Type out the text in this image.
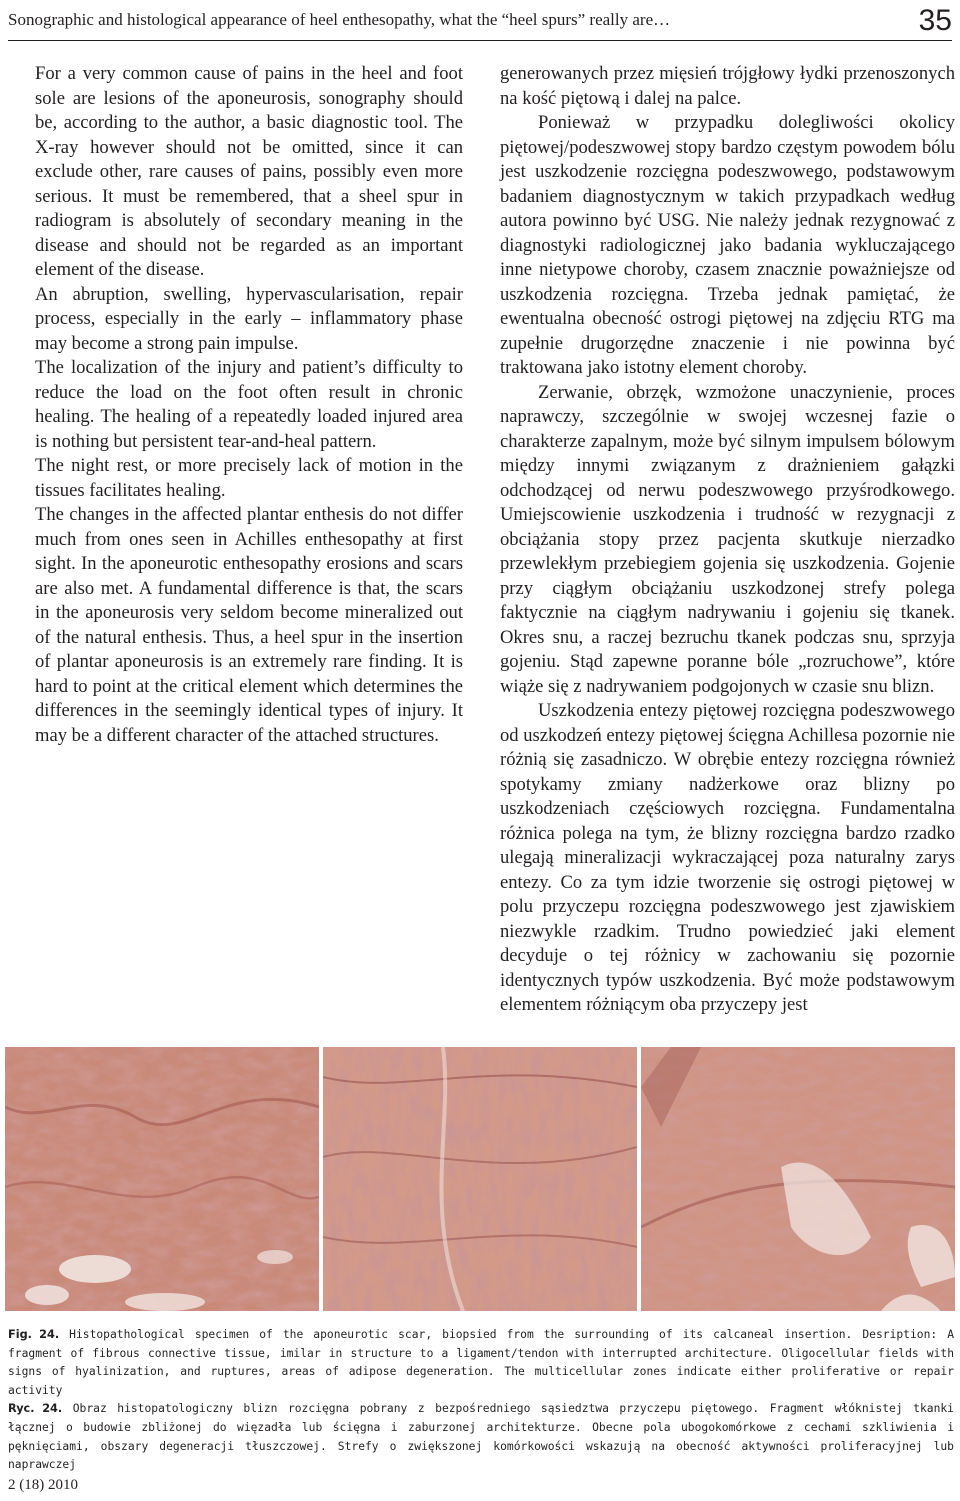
Sonographic and histological appearance of heel enthesopathy, what the “heel spurs” really are…	35

For a very common cause of pains in the heel and foot sole are lesions of the aponeurosis, sonography should be, according to the author, a basic diagnostic tool. The X-ray however should not be omitted, since it can exclude other, rare causes of pains, possibly even more serious. It must be remembered, that a sheel spur in radiogram is absolutely of secondary meaning in the disease and should not be regarded as an important element of the disease.

An abruption, swelling, hypervascularisation, repair process, especially in the early – inflammatory phase may become a strong pain impulse.

The localization of the injury and patient’s difficulty to reduce the load on the foot often result in chronic healing. The healing of a repeatedly loaded injured area is nothing but persistent tear-and-heal pattern.

The night rest, or more precisely lack of motion in the tissues facilitates healing.

The changes in the affected plantar enthesis do not differ much from ones seen in Achilles enthesopathy at first sight. In the aponeurotic enthesopathy erosions and scars are also met. A fundamental difference is that, the scars in the aponeurosis very seldom become mineralized out of the natural enthesis. Thus, a heel spur in the insertion of plantar aponeurosis is an extremely rare finding. It is hard to point at the critical element which determines the differences in the seemingly identical types of injury. It may be a different character of the attached structures.

generowanych przez mięsień trójgłowy łydki przenoszonych na kość piętową i dalej na palce.

Ponieważ w przypadku dolegliwości okolicy piętowej/podeszwowej stopy bardzo częstym powodem bólu jest uszkodzenie rozcięgna podeszwowego, podstawowym badaniem diagnostycznym w takich przypadkach według autora powinno być USG. Nie należy jednak rezygnować z diagnostyki radiologicznej jako badania wykluczającego inne nietypowe choroby, czasem znacznie poważniejsze od uszkodzenia rozcięgna. Trzeba jednak pamiętać, że ewentualna obecność ostrogi piętowej na zdjęciu RTG ma zupełnie drugorzędne znaczenie i nie powinna być traktowana jako istotny element choroby.

Zerwanie, obrzęk, wzmożone unaczynienie, proces naprawczy, szczególnie w swojej wczesnej fazie o charakterze zapalnym, może być silnym impulsem bólowym między innymi związanym z drażnieniem gałązki odchodzącej od nerwu podeszwowego przyśrodkowego. Umiejscowienie uszkodzenia i trudność w rezygnacji z obciążania stopy przez pacjenta skutkuje nierzadko przewlekłym przebiegiem gojenia się uszkodzenia. Gojenie przy ciągłym obciążaniu uszkodzonej strefy polega faktycznie na ciągłym nadrywaniu i gojeniu się tkanek. Okres snu, a raczej bezruchu tkanek podczas snu, sprzyja gojeniu. Stąd zapewne poranne bóle „rozruchowe”, które wiąże się z nadrywaniem podgojonych w czasie snu blizn.

Uszkodzenia entezy piętowej rozcięgna podeszwowego od uszkodzeń entezy piętowej ścięgna Achillesa pozornie nie różnią się zasadniczo. W obrębie entezy rozcięgna również spotykamy zmiany nadżerkowe oraz blizny po uszkodzeniach częściowych rozcięgna. Fundamentalna różnica polega na tym, że blizny rozcięgna bardzo rzadko ulegają mineralizacji wykraczającej poza naturalny zarys entezy. Co za tym idzie tworzenie się ostrogi piętowej w polu przyczepu rozcięgna podeszwowego jest zjawiskiem niezwykle rzadkim. Trudno powiedzieć jaki element decyduje o tej różnicy w zachowaniu się pozornie identycznych typów uszkodzenia. Być może podstawowym elementem różniącym oba przyczepy jest

Fig. 24. Histopathological specimen of the aponeurotic scar, biopsied from the surrounding of its calcaneal insertion. Desription: A fragment of fibrous connective tissue, imilar in structure to a ligament/tendon with interrupted architecture. Oligocellular fields with signs of hyalinization, and ruptures, areas of adipose degeneration. The multicellular zones indicate either proliferative or repair activity

Ryc. 24. Obraz histopatologiczny blizn rozcięgna pobrany z bezpośredniego sąsiedztwa przyczepu piętowego. Fragment włóknistej tkanki łącznej o budowie zbliżonej do więzadła lub ścięgna i zaburzonej architekturze. Obecne pola ubogokomórkowe z cechami szkliwienia i pęknięciami, obszary degeneracji tłuszczowej. Strefy o zwiększonej komórkowości wskazują na obecność aktywności proliferacyjnej lub naprawczej

2 (18) 2010
